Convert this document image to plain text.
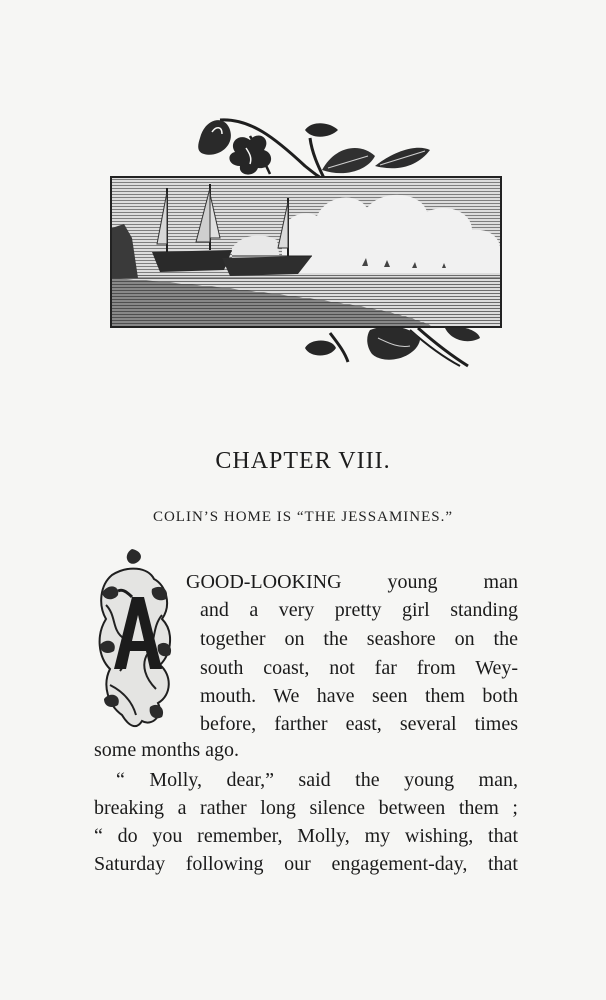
CHAPTER VIII.
COLIN’S HOME IS “THE JESSAMINES.”
GOOD-LOOKING young man
and a very pretty girl standing
together on the seashore on the
south coast, not far from Wey-
mouth. We have seen them both
before, farther east, several times
some months ago.
“ Molly, dear,” said the young man,
breaking a rather long silence between them ;
“ do you remember, Molly, my wishing, that
Saturday following our engagement-day, that
